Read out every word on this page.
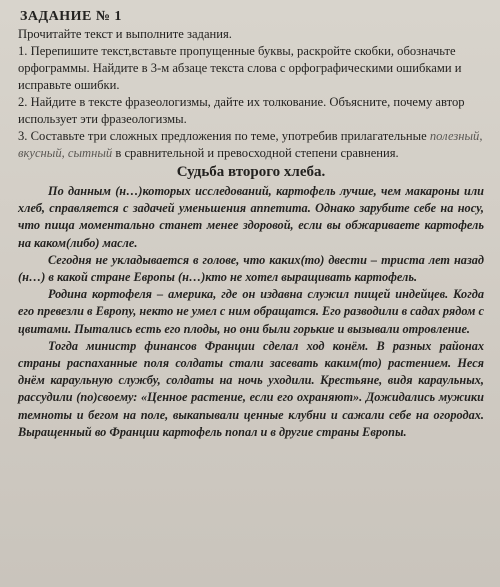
ЗАДАНИЕ № 1
Прочитайте текст и выполните задания.
1. Перепишите текст,вставьте пропущенные буквы, раскройте скобки, обозначьте орфограммы. Найдите в 3-м абзаце текста слова с орфографическими ошибками и исправьте ошибки.
2. Найдите в тексте фразеологизмы, дайте их толкование. Объясните, почему автор использует эти фразеологизмы.
3. Составьте три сложных предложения по теме, употребив прилагательные полезный, вкусный, сытный в сравнительной и превосходной степени сравнения.
Судьба второго хлеба.

По данным (н…)которых исследований, картофель лучше, чем макароны или хлеб, справляется с задачей уменьшения аппетита. Однако зарубите себе на носу, что пища моментально станет менее здоровой, если вы обжариваете картофель на каком(либо) масле.

Сегодня не укладывается в голове, что каких(то) двести – триста лет назад (н…) в какой стране Европы (н…)кто не хотел выращивать картофель.

Родина кортофеля – америка, где он издавна служил пищей индейцев. Когда его превезли в Европу, некто не умел с ним обращатся. Его разводили в садах рядом с цвитами. Пытались есть его плоды, но они были горькие и вызывали отровление.

Тогда министр финансов Франции сделал ход конём. В разных районах страны распаханные поля солдаты стали засевать каким(то) растением. Неся днём караульную службу, солдаты на ночь уходили. Крестьяне, видя караульных, рассудили (по)своему: «Ценное растение, если его охраняют». Дожидались мужики темноты и бегом на поле, выкапывали ценные клубни и сажали себе на огородах. Выращенный во Франции картофель попал и в другие страны Европы.
